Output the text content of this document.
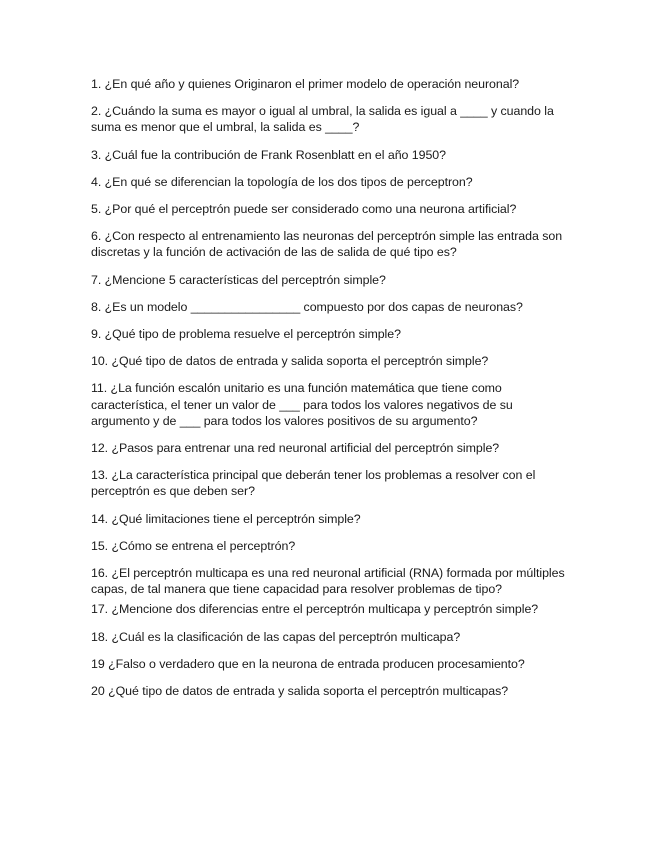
1. ¿En qué año y quienes Originaron el primer modelo de operación neuronal?

2. ¿Cuándo la suma es mayor o igual al umbral, la salida es igual a ____ y cuando la suma es menor que el umbral, la salida es ____?

3. ¿Cuál fue la contribución de Frank Rosenblatt en el año 1950?

4. ¿En qué se diferencian la topología de los dos tipos de perceptron?

5. ¿Por qué el perceptrón puede ser considerado como una neurona artificial?

6. ¿Con respecto al entrenamiento las neuronas del perceptrón simple las entrada son discretas y la función de activación de las de salida de qué tipo es?

7. ¿Mencione 5 características del perceptrón simple?

8. ¿Es un modelo ________________ compuesto por dos capas de neuronas?

9. ¿Qué tipo de problema resuelve el perceptrón simple?

10. ¿Qué tipo de datos de entrada y salida soporta el perceptrón simple?

11. ¿La función escalón unitario es una función matemática que tiene como característica, el tener un valor de ___ para todos los valores negativos de su argumento y de ___ para todos los valores positivos de su argumento?

12. ¿Pasos para entrenar una red neuronal artificial del perceptrón simple?

13. ¿La característica principal que deberán tener los problemas a resolver con el perceptrón es que deben ser?

14. ¿Qué limitaciones tiene el perceptrón simple?

15. ¿Cómo se entrena el perceptrón?

16. ¿El perceptrón multicapa es una red neuronal artificial (RNA) formada por múltiples capas, de tal manera que tiene capacidad para resolver problemas de tipo?

17. ¿Mencione dos diferencias entre el perceptrón multicapa y perceptrón simple?

18. ¿Cuál es la clasificación de las capas del perceptrón multicapa?

19 ¿Falso o verdadero que en la neurona de entrada producen procesamiento?

20 ¿Qué tipo de datos de entrada y salida soporta el perceptrón multicapas?
